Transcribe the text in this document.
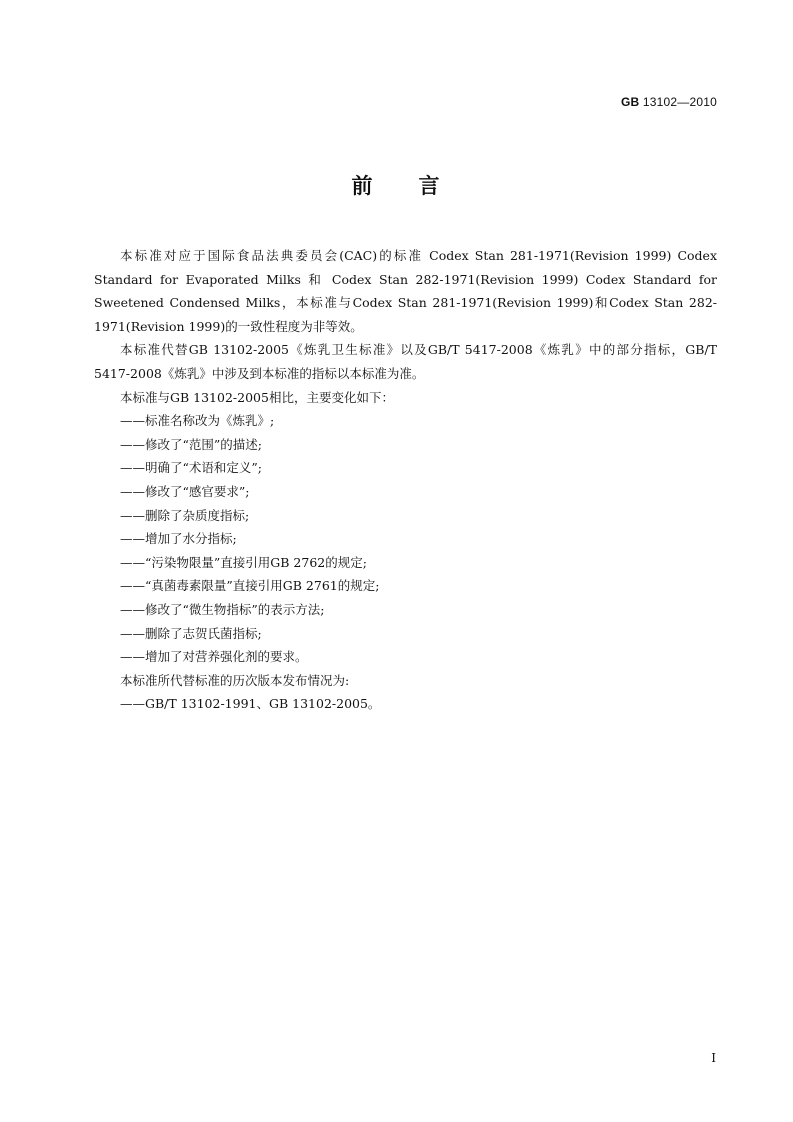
GB 13102—2010
前 言

本标准对应于国际食品法典委员会(CAC)的标准 Codex Stan 281-1971(Revision 1999) Codex Standard for Evaporated Milks 和 Codex Stan 282-1971(Revision 1999) Codex Standard for Sweetened Condensed Milks，本标准与Codex Stan 281-1971(Revision 1999)和Codex Stan 282-1971(Revision 1999)的一致性程度为非等效。

本标准代替GB 13102-2005《炼乳卫生标准》以及GB/T 5417-2008《炼乳》中的部分指标，GB/T 5417-2008《炼乳》中涉及到本标准的指标以本标准为准。

本标准与GB 13102-2005相比，主要变化如下：

——标准名称改为《炼乳》;
——修改了“范围”的描述;
——明确了“术语和定义”;
——修改了“感官要求”;
——删除了杂质度指标;
——增加了水分指标;
——“污染物限量”直接引用GB 2762的规定;
——“真菌毒素限量”直接引用GB 2761的规定;
——修改了“微生物指标”的表示方法;
——删除了志贺氏菌指标;
——增加了对营养强化剂的要求。

本标准所代替标准的历次版本发布情况为:

——GB/T 13102-1991、GB 13102-2005。
I
